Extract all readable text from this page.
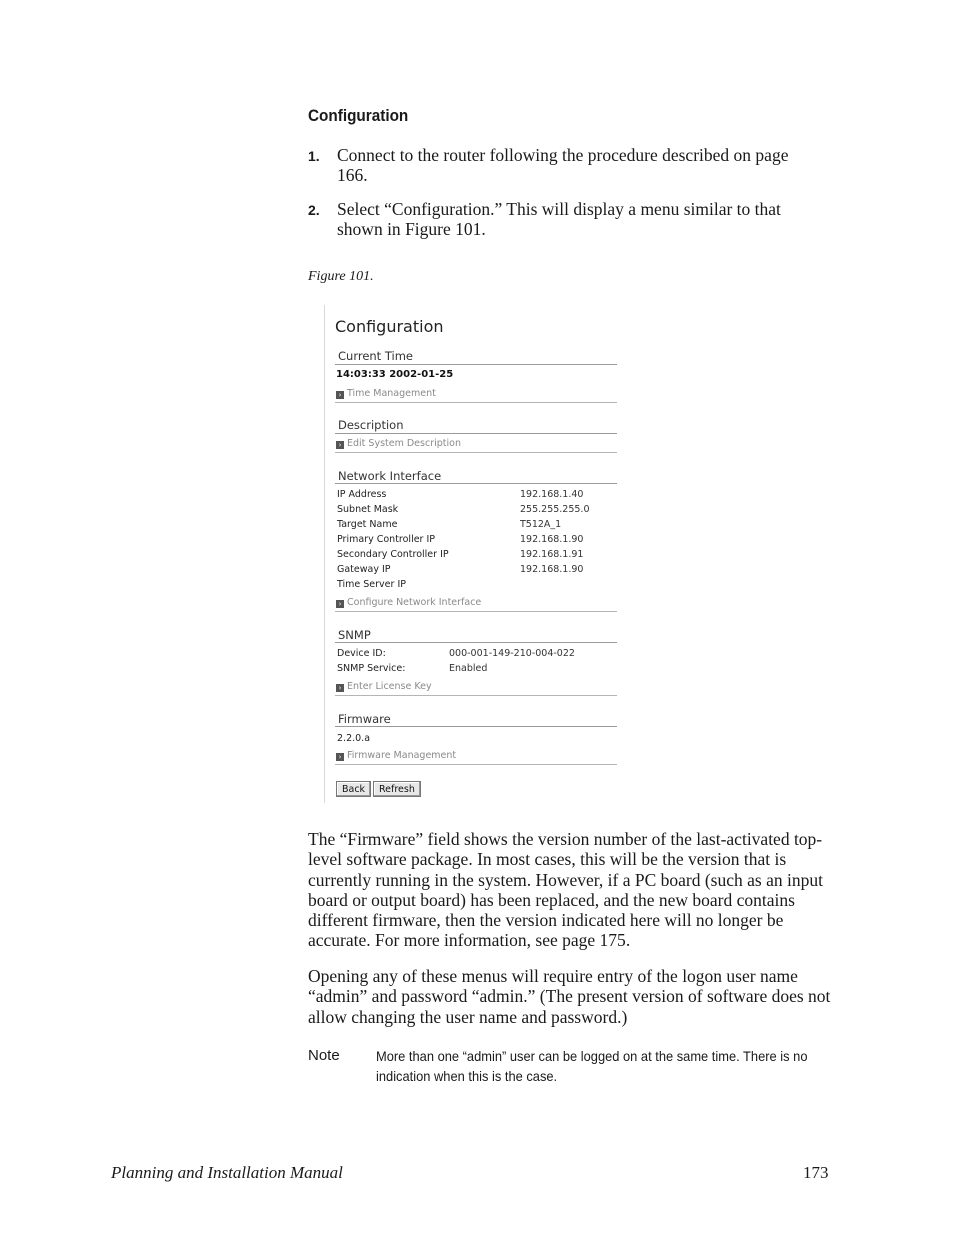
Configuration
1. Connect to the router following the procedure described on page 166.
2. Select “Configuration.” This will display a menu similar to that shown in Figure 101.
Figure 101.
Configuration
Current Time
14:03:33 2002-01-25
› Time Management
Description
› Edit System Description
Network Interface
IP Address	192.168.1.40
Subnet Mask	255.255.255.0
Target Name	T512A_1
Primary Controller IP	192.168.1.90
Secondary Controller IP	192.168.1.91
Gateway IP	192.168.1.90
Time Server IP
› Configure Network Interface
SNMP
Device ID:	000-001-149-210-004-022
SNMP Service:	Enabled
› Enter License Key
Firmware
2.2.0.a
› Firmware Management
Back	Refresh
The “Firmware” field shows the version number of the last-activated top-level software package. In most cases, this will be the version that is currently running in the system. However, if a PC board (such as an input board or output board) has been replaced, and the new board contains different firmware, then the version indicated here will no longer be accurate. For more information, see page 175.
Opening any of these menus will require entry of the logon user name “admin” and password “admin.” (The present version of software does not allow changing the user name and password.)
Note	More than one “admin” user can be logged on at the same time. There is no indication when this is the case.
Planning and Installation Manual	173
